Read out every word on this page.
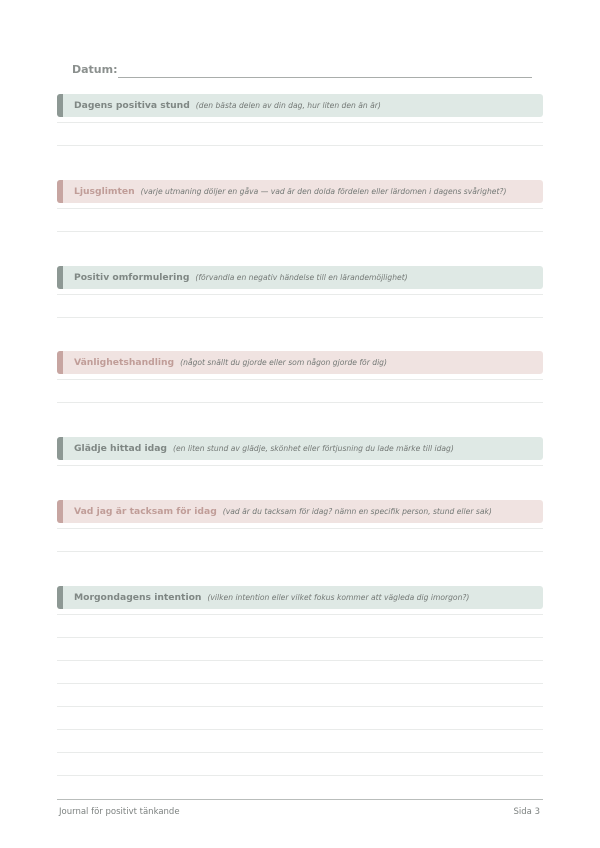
Datum:
Dagens positiva stund (den bästa delen av din dag, hur liten den än är)
Ljusglimten (varje utmaning döljer en gåva — vad är den dolda fördelen eller lärdomen i dagens svårighet?)
Positiv omformulering (förvandla en negativ händelse till en lärandemöjlighet)
Vänlighetshandling (något snällt du gjorde eller som någon gjorde för dig)
Glädje hittad idag (en liten stund av glädje, skönhet eller förtjusning du lade märke till idag)
Vad jag är tacksam för idag (vad är du tacksam för idag? nämn en specifik person, stund eller sak)
Morgondagens intention (vilken intention eller vilket fokus kommer att vägleda dig imorgon?)
Journal för positivt tänkande	Sida 3
